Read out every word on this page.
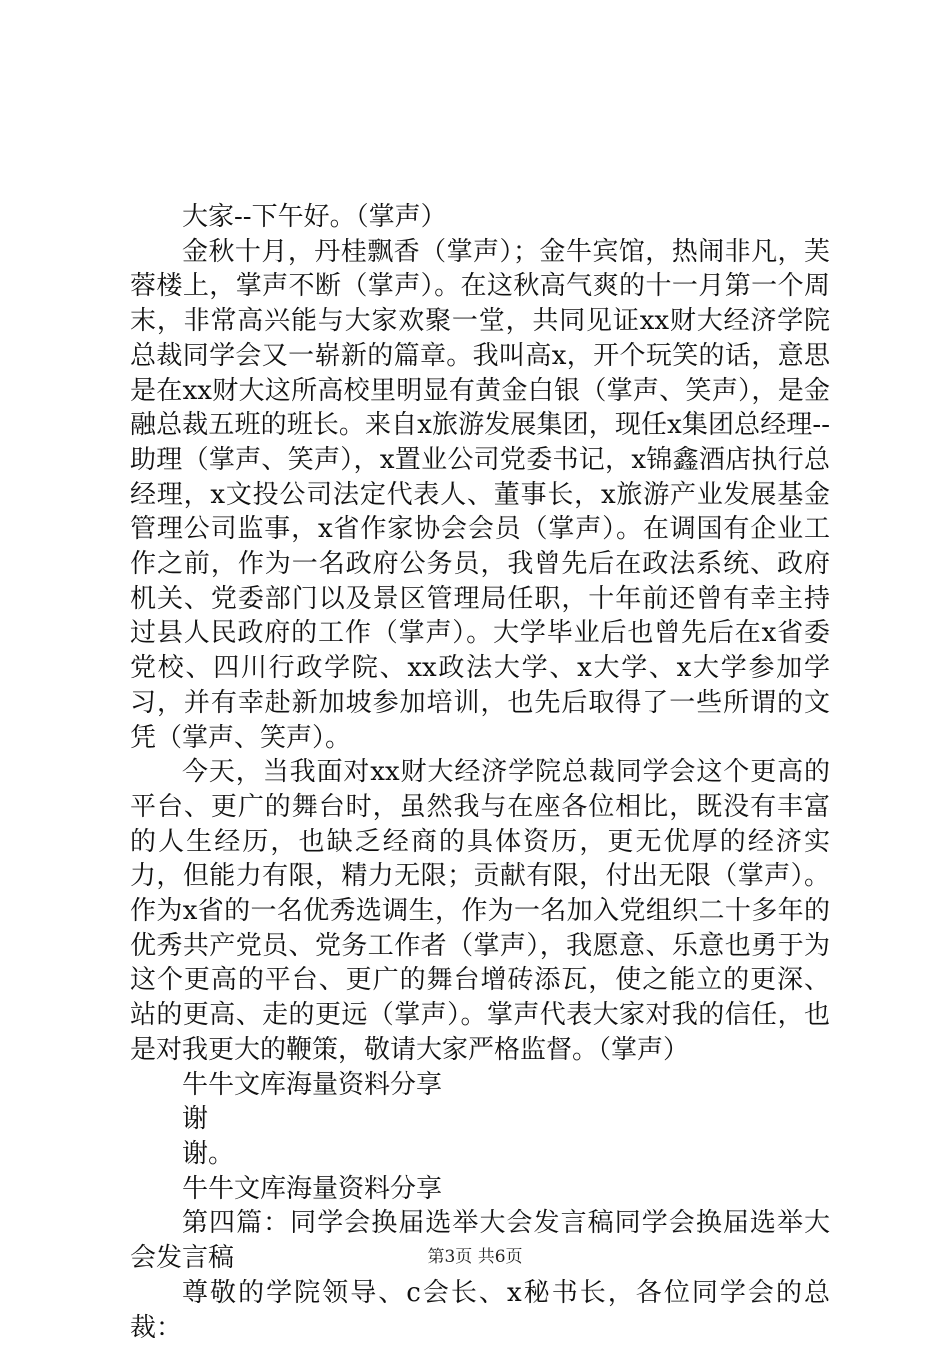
大家--下午好。（掌声）

金秋十月，丹桂飘香（掌声）；金牛宾馆，热闹非凡，芙蓉楼上，掌声不断（掌声）。在这秋高气爽的十一月第一个周末，非常高兴能与大家欢聚一堂，共同见证xx财大经济学院总裁同学会又一崭新的篇章。我叫高x，开个玩笑的话，意思是在xx财大这所高校里明显有黄金白银（掌声、笑声），是金融总裁五班的班长。来自x旅游发展集团，现任x集团总经理--助理（掌声、笑声），x置业公司党委书记，x锦鑫酒店执行总经理，x文投公司法定代表人、董事长，x旅游产业发展基金管理公司监事，x省作家协会会员（掌声）。在调国有企业工作之前，作为一名政府公务员，我曾先后在政法系统、政府机关、党委部门以及景区管理局任职，十年前还曾有幸主持过县人民政府的工作（掌声）。大学毕业后也曾先后在x省委党校、四川行政学院、xx政法大学、x大学、x大学参加学习，并有幸赴新加坡参加培训，也先后取得了一些所谓的文凭（掌声、笑声）。

今天，当我面对xx财大经济学院总裁同学会这个更高的平台、更广的舞台时，虽然我与在座各位相比，既没有丰富的人生经历，也缺乏经商的具体资历，更无优厚的经济实力，但能力有限，精力无限；贡献有限，付出无限（掌声）。作为x省的一名优秀选调生，作为一名加入党组织二十多年的优秀共产党员、党务工作者（掌声），我愿意、乐意也勇于为这个更高的平台、更广的舞台增砖添瓦，使之能立的更深、站的更高、走的更远（掌声）。掌声代表大家对我的信任，也是对我更大的鞭策，敬请大家严格监督。（掌声）

牛牛文库海量资料分享

谢

谢。

牛牛文库海量资料分享

第四篇：同学会换届选举大会发言稿同学会换届选举大会发言稿

尊敬的学院领导、c会长、x秘书长，各位同学会的总裁：

第3页 共6页
